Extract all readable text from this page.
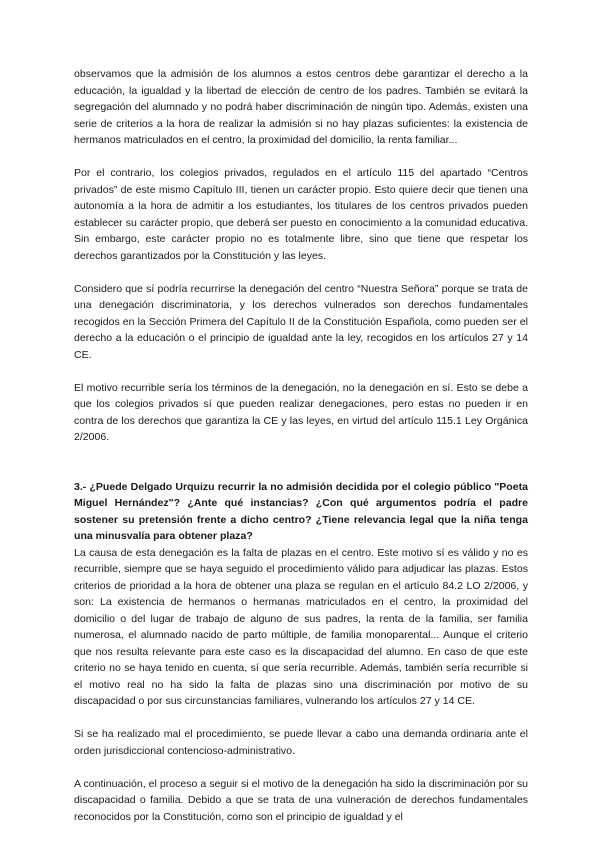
observamos que la admisión de los alumnos a estos centros debe garantizar el derecho a la educación, la igualdad y la libertad de elección de centro de los padres. También se evitará la segregación del alumnado y no podrá haber discriminación de ningún tipo. Además, existen una serie de criterios a la hora de realizar la admisión si no hay plazas suficientes: la existencia de hermanos matriculados en el centro, la proximidad del domicilio, la renta familiar...

Por el contrario, los colegios privados, regulados en el artículo 115 del apartado “Centros privados” de este mismo Capítulo III, tienen un carácter propio. Esto quiere decir que tienen una autonomía a la hora de admitir a los estudiantes, los titulares de los centros privados pueden establecer su carácter propio, que deberá ser puesto en conocimiento a la comunidad educativa. Sin embargo, este carácter propio no es totalmente libre, sino que tiene que respetar los derechos garantizados por la Constitución y las leyes.

Considero que sí podría recurrirse la denegación del centro “Nuestra Señora” porque se trata de una denegación discriminatoria, y los derechos vulnerados son derechos fundamentales recogidos en la Sección Primera del Capítulo II de la Constitución Española, como pueden ser el derecho a la educación o el principio de igualdad ante la ley, recogidos en los artículos 27 y 14 CE.

El motivo recurrible sería los términos de la denegación, no la denegación en sí. Esto se debe a que los colegios privados sí que pueden realizar denegaciones, pero estas no pueden ir en contra de los derechos que garantiza la CE y las leyes, en virtud del artículo 115.1 Ley Orgánica 2/2006.

3.- ¿Puede Delgado Urquizu recurrir la no admisión decidida por el colegio público "Poeta Miguel Hernández"? ¿Ante qué instancias? ¿Con qué argumentos podría el padre sostener su pretensión frente a dicho centro? ¿Tiene relevancia legal que la niña tenga una minusvalía para obtener plaza?

La causa de esta denegación es la falta de plazas en el centro. Este motivo sí es válido y no es recurrible, siempre que se haya seguido el procedimiento válido para adjudicar las plazas. Estos criterios de prioridad a la hora de obtener una plaza se regulan en el artículo 84.2 LO 2/2006, y son: La existencia de hermanos o hermanas matriculados en el centro, la proximidad del domicilio o del lugar de trabajo de alguno de sus padres, la renta de la familia, ser familia numerosa, el alumnado nacido de parto múltiple, de familia monoparental... Aunque el criterio que nos resulta relevante para este caso es la discapacidad del alumno. En caso de que este criterio no se haya tenido en cuenta, sí que sería recurrible. Además, también sería recurrible si el motivo real no ha sido la falta de plazas sino una discriminación por motivo de su discapacidad o por sus circunstancias familiares, vulnerando los artículos 27 y 14 CE.

Si se ha realizado mal el procedimiento, se puede llevar a cabo una demanda ordinaria ante el orden jurisdiccional contencioso-administrativo.

A continuación, el proceso a seguir si el motivo de la denegación ha sido la discriminación por su discapacidad o familia. Debido a que se trata de una vulneración de derechos fundamentales reconocidos por la Constitución, como son el principio de igualdad y el
